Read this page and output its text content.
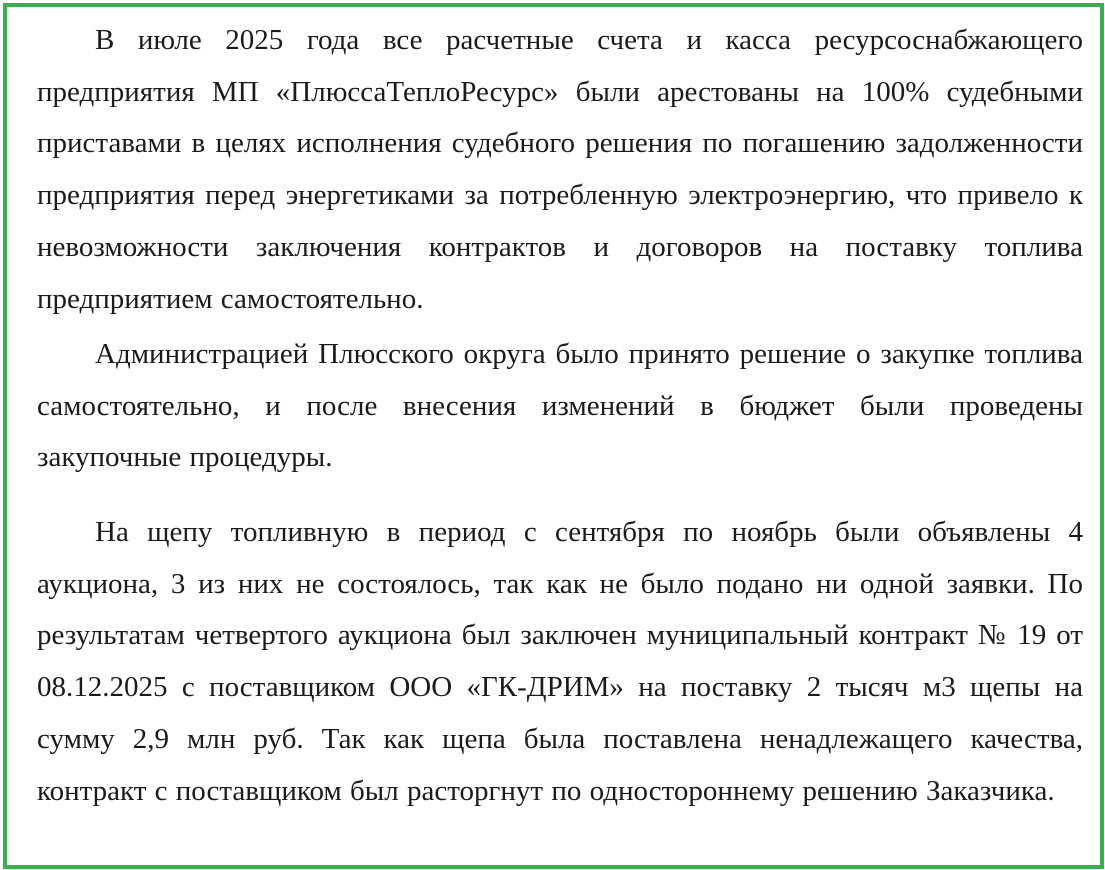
В июле 2025 года все расчетные счета и касса ресурсоснабжающего предприятия МП «ПлюссаТеплоРесурс» были арестованы на 100% судебными приставами в целях исполнения судебного решения по погашению задолженности предприятия перед энергетиками за потребленную электроэнергию, что привело к невозможности заключения контрактов и договоров на поставку топлива предприятием самостоятельно.

Администрацией Плюсского округа было принято решение о закупке топлива самостоятельно, и после внесения изменений в бюджет были проведены закупочные процедуры.

На щепу топливную в период с сентября по ноябрь были объявлены 4 аукциона, 3 из них не состоялось, так как не было подано ни одной заявки. По результатам четвертого аукциона был заключен муниципальный контракт № 19 от 08.12.2025 с поставщиком ООО «ГК-ДРИМ» на поставку 2 тысяч м3 щепы на сумму 2,9 млн руб. Так как щепа была поставлена ненадлежащего качества, контракт с поставщиком был расторгнут по одностороннему решению Заказчика.
